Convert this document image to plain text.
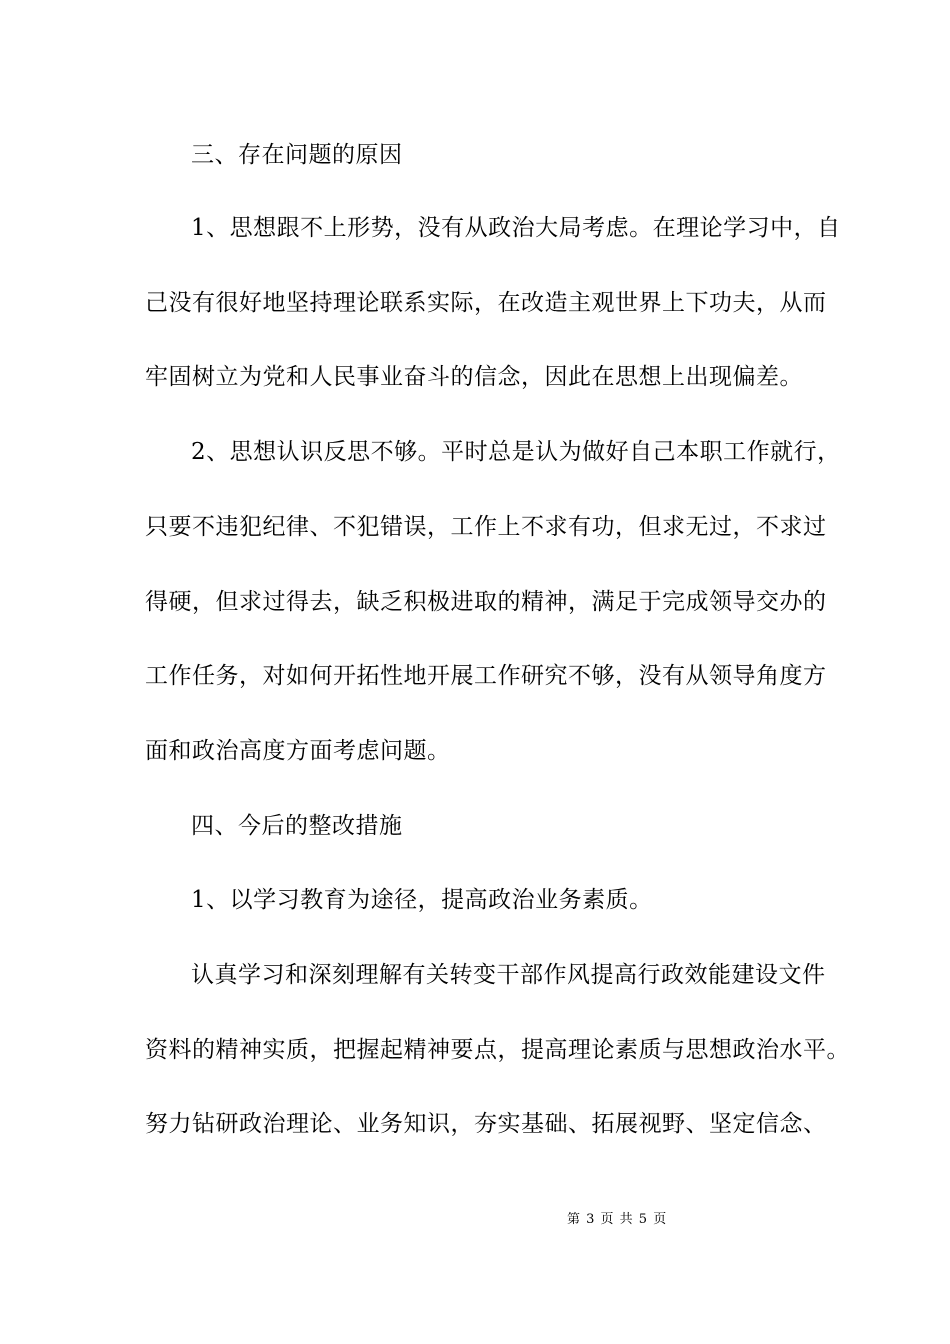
三、存在问题的原因
1、思想跟不上形势，没有从政治大局考虑。在理论学习中，自
己没有很好地坚持理论联系实际，在改造主观世界上下功夫，从而
牢固树立为党和人民事业奋斗的信念，因此在思想上出现偏差。
2、思想认识反思不够。平时总是认为做好自己本职工作就行，
只要不违犯纪律、不犯错误，工作上不求有功，但求无过，不求过
得硬，但求过得去，缺乏积极进取的精神，满足于完成领导交办的
工作任务，对如何开拓性地开展工作研究不够，没有从领导角度方
面和政治高度方面考虑问题。
四、今后的整改措施
1、以学习教育为途径，提高政治业务素质。
认真学习和深刻理解有关转变干部作风提高行政效能建设文件
资料的精神实质，把握起精神要点，提高理论素质与思想政治水平。
努力钻研政治理论、业务知识，夯实基础、拓展视野、坚定信念、
第 3 页 共 5 页
